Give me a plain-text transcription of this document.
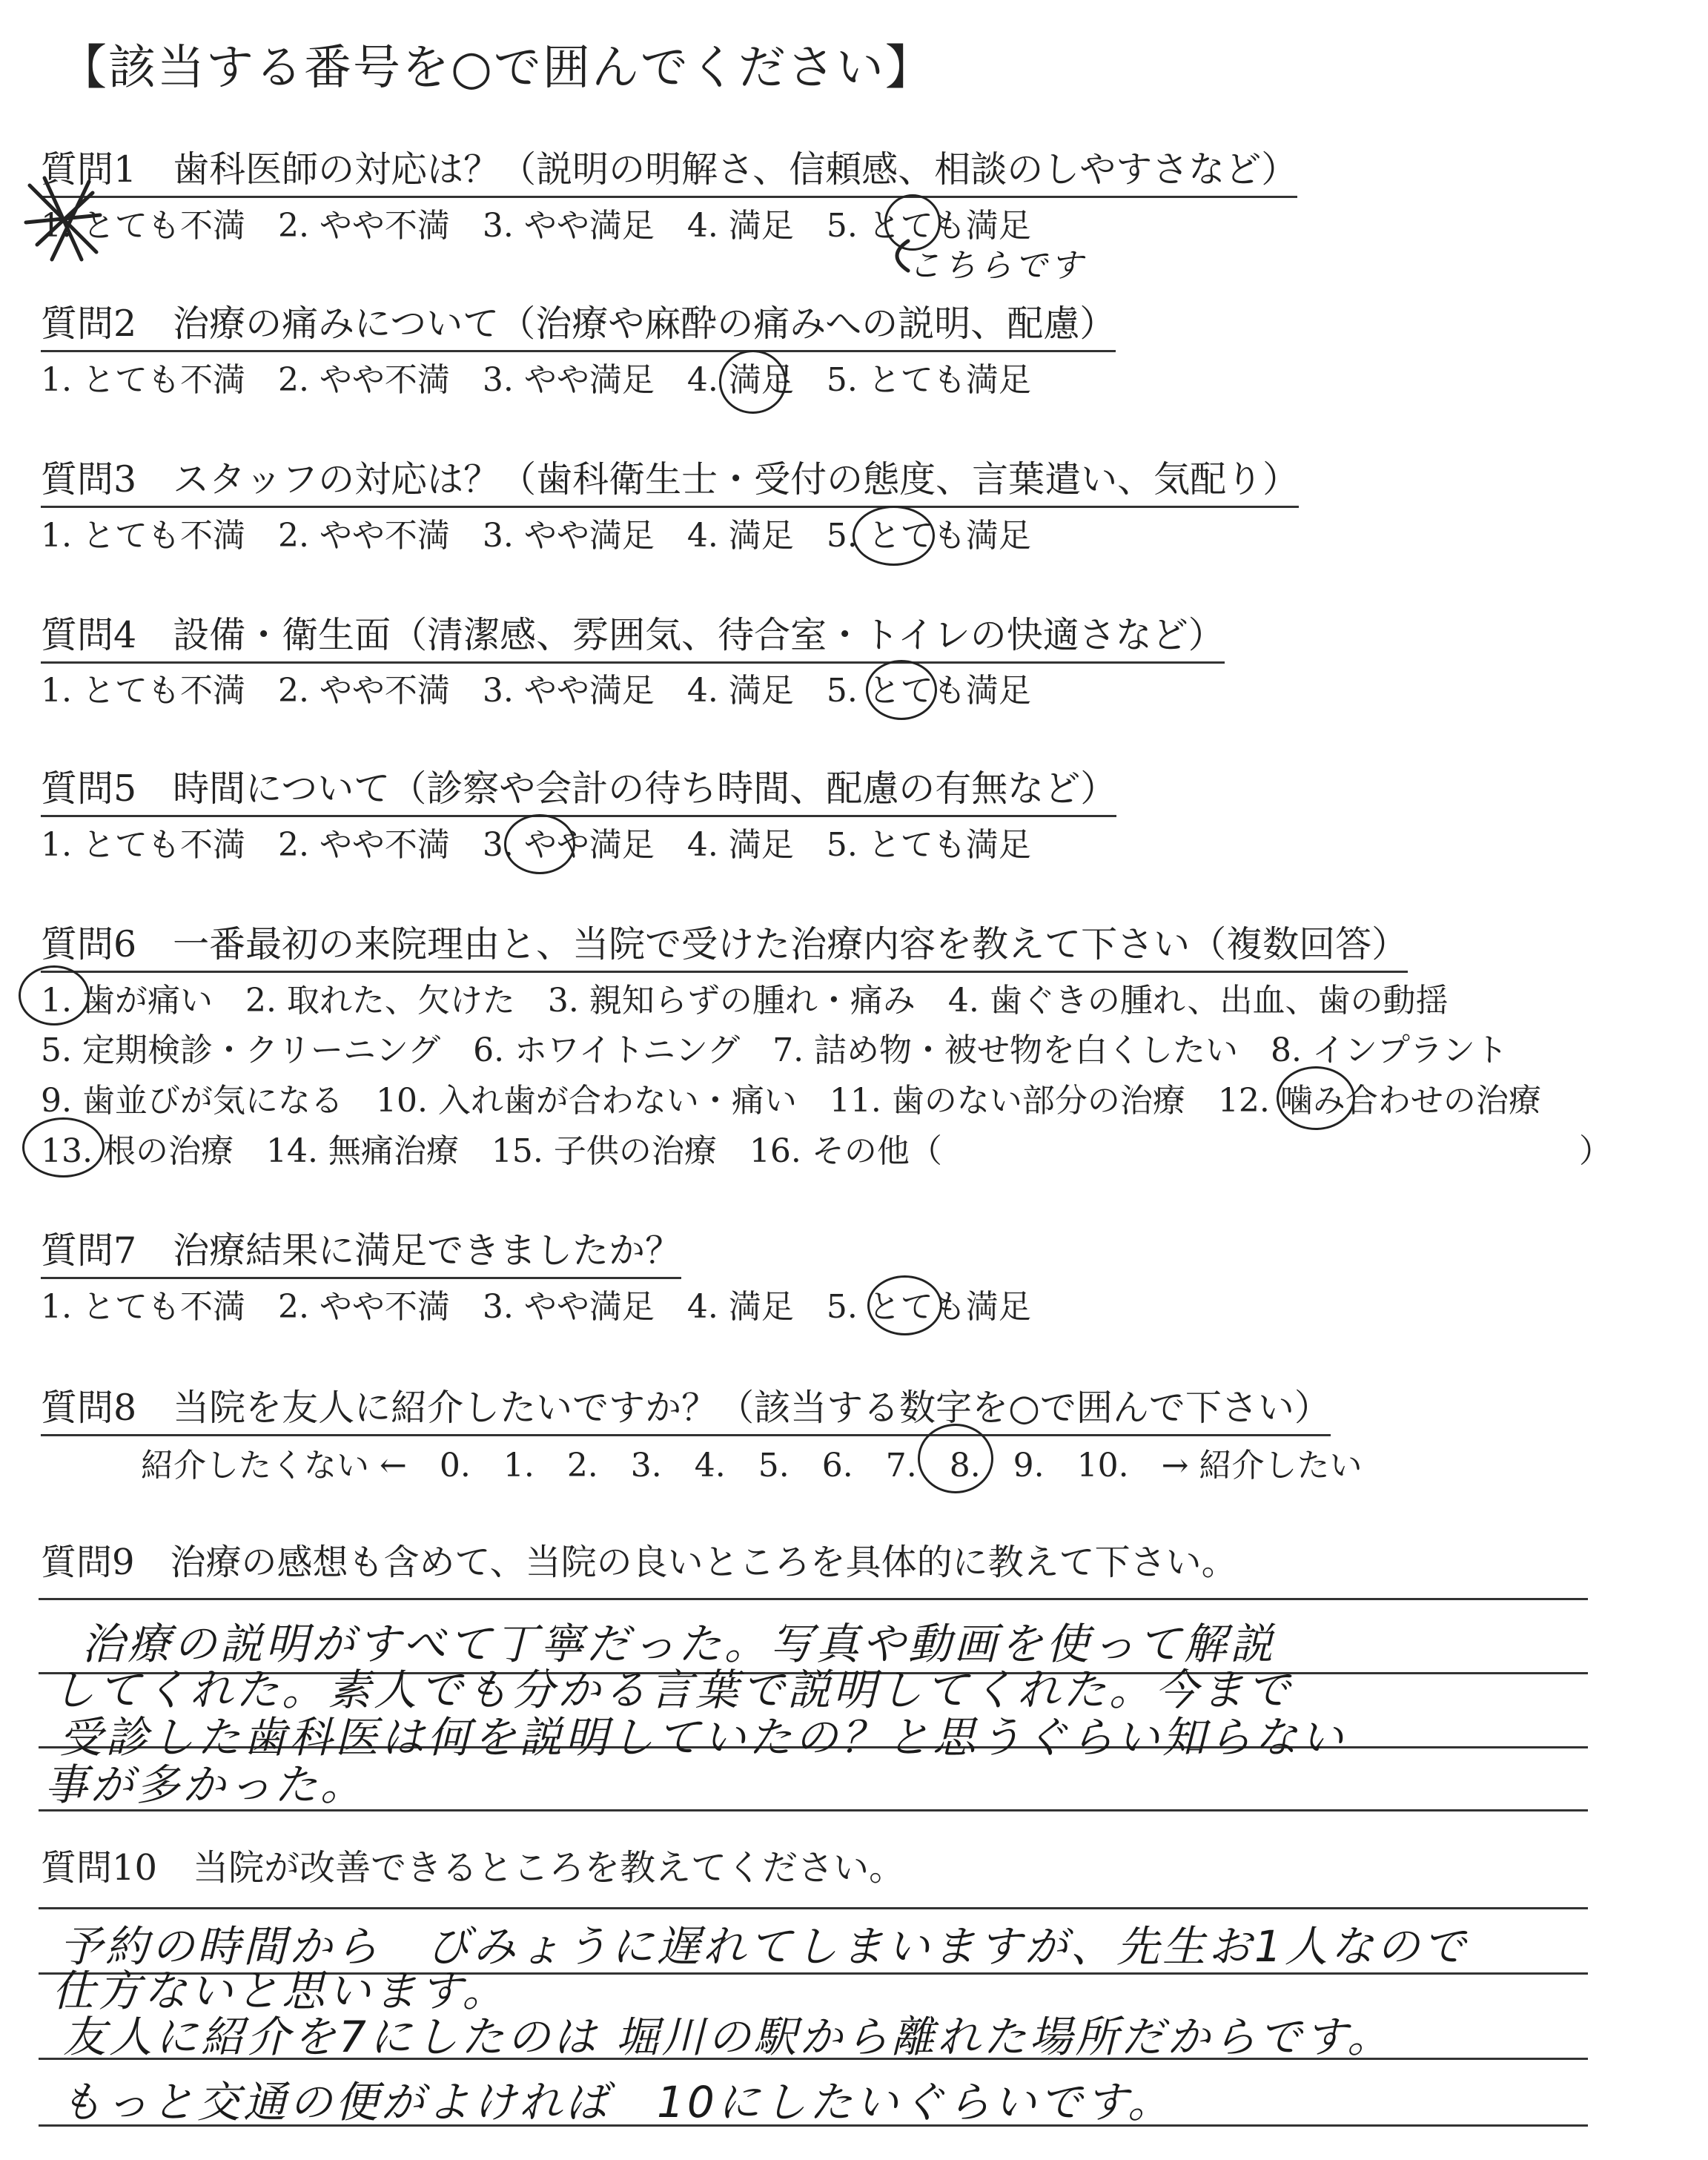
【該当する番号を○で囲んでください】
質問1　歯科医師の対応は？（説明の明解さ、信頼感、相談のしやすさなど）
1. とても不満　2. やや不満　3. やや満足　4. 満足　5. とても満足
こちらです
質問2　治療の痛みについて（治療や麻酔の痛みへの説明、配慮）
1. とても不満　2. やや不満　3. やや満足　4. 満足　5. とても満足
質問3　スタッフの対応は？（歯科衛生士・受付の態度、言葉遣い、気配り）
1. とても不満　2. やや不満　3. やや満足　4. 満足　5. とても満足
質問4　設備・衛生面（清潔感、雰囲気、待合室・トイレの快適さなど）
1. とても不満　2. やや不満　3. やや満足　4. 満足　5. とても満足
質問5　時間について（診察や会計の待ち時間、配慮の有無など）
1. とても不満　2. やや不満　3. やや満足　4. 満足　5. とても満足
質問6　一番最初の来院理由と、当院で受けた治療内容を教えて下さい（複数回答）
1. 歯が痛い　2. 取れた、欠けた　3. 親知らずの腫れ・痛み　4. 歯ぐきの腫れ、出血、歯の動揺
5. 定期検診・クリーニング　6. ホワイトニング　7. 詰め物・被せ物を白くしたい　8. インプラント
9. 歯並びが気になる　10. 入れ歯が合わない・痛い　11. 歯のない部分の治療　12. 噛み合わせの治療
13. 根の治療　14. 無痛治療　15. 子供の治療　16. その他（	）
質問7　治療結果に満足できましたか？
1. とても不満　2. やや不満　3. やや満足　4. 満足　5. とても満足
質問8　当院を友人に紹介したいですか？（該当する数字を○で囲んで下さい）
紹介したくない ←　0.　1.　2.　3.　4.　5.　6.　7.　8.　9.　10.　→ 紹介したい
質問9　治療の感想も含めて、当院の良いところを具体的に教えて下さい。
治療の説明がすべて丁寧だった。写真や動画を使って解説
してくれた。素人でも分かる言葉で説明してくれた。今まで
受診した歯科医は何を説明していたの？と思うぐらい知らない
事が多かった。
質問10　当院が改善できるところを教えてください。
予約の時間から　びみょうに遅れてしまいますが、先生お1人なので
仕方ないと思います。
友人に紹介を7にしたのは 堀川の駅から離れた場所だからです。
もっと交通の便がよければ　10にしたいぐらいです。
